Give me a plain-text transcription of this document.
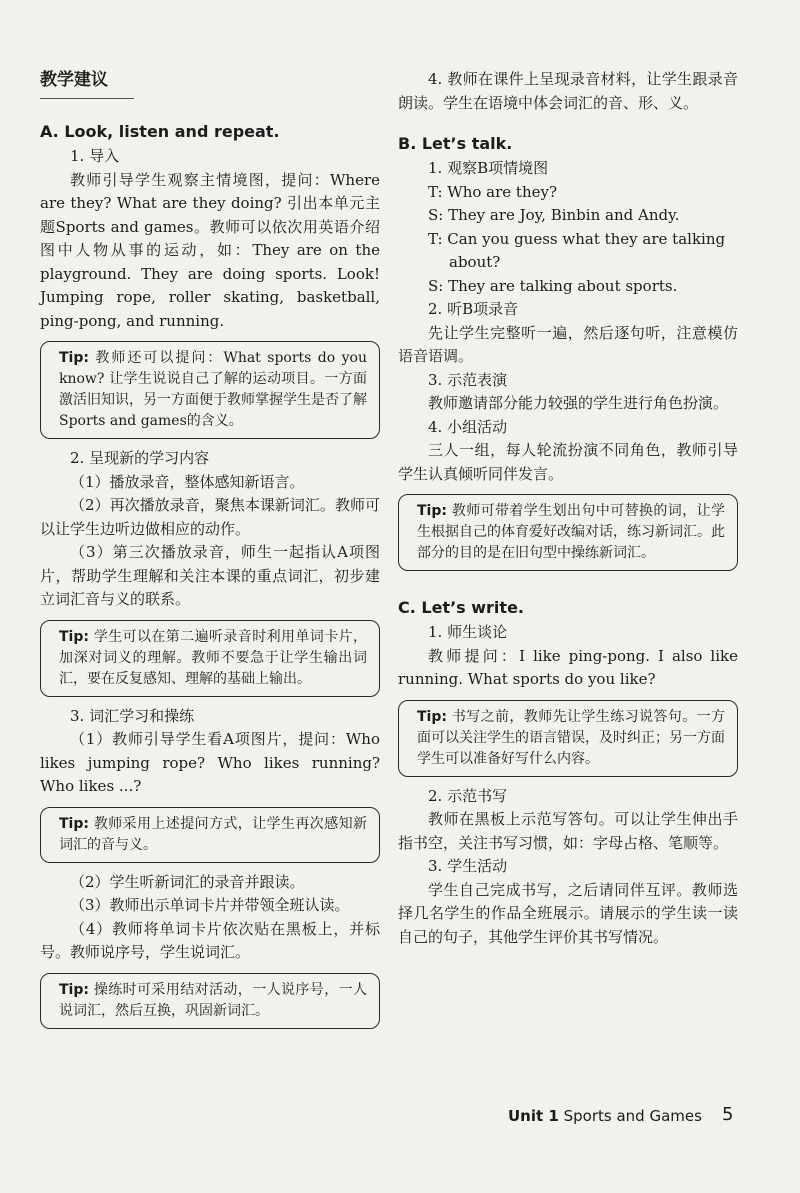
教学建议

A. Look, listen and repeat.

1. 导入

教师引导学生观察主情境图，提问：Where are they? What are they doing? 引出本单元主题Sports and games。教师可以依次用英语介绍图中人物从事的运动，如：They are on the playground. They are doing sports. Look! Jumping rope, roller skating, basketball, ping-pong, and running.

Tip: 教师还可以提问：What sports do you know? 让学生说说自己了解的运动项目。一方面激活旧知识，另一方面便于教师掌握学生是否了解Sports and games的含义。

2. 呈现新的学习内容

（1）播放录音，整体感知新语言。

（2）再次播放录音，聚焦本课新词汇。教师可以让学生边听边做相应的动作。

（3）第三次播放录音，师生一起指认A项图片，帮助学生理解和关注本课的重点词汇，初步建立词汇音与义的联系。

Tip: 学生可以在第二遍听录音时利用单词卡片，加深对词义的理解。教师不要急于让学生输出词汇，要在反复感知、理解的基础上输出。

3. 词汇学习和操练

（1）教师引导学生看A项图片，提问：Who likes jumping rope? Who likes running? Who likes ...?

Tip: 教师采用上述提问方式，让学生再次感知新词汇的音与义。

（2）学生听新词汇的录音并跟读。

（3）教师出示单词卡片并带领全班认读。

（4）教师将单词卡片依次贴在黑板上，并标号。教师说序号，学生说词汇。

Tip: 操练时可采用结对活动，一人说序号，一人说词汇，然后互换，巩固新词汇。

4. 教师在课件上呈现录音材料，让学生跟录音朗读。学生在语境中体会词汇的音、形、义。

B. Let’s talk.

1. 观察B项情境图

T: Who are they?

S: They are Joy, Binbin and Andy.

T: Can you guess what they are talking

about?

S: They are talking about sports.

2. 听B项录音

先让学生完整听一遍，然后逐句听，注意模仿语音语调。

3. 示范表演

教师邀请部分能力较强的学生进行角色扮演。

4. 小组活动

三人一组，每人轮流扮演不同角色，教师引导学生认真倾听同伴发言。

Tip: 教师可带着学生划出句中可替换的词，让学生根据自己的体育爱好改编对话，练习新词汇。此部分的目的是在旧句型中操练新词汇。

C. Let’s write.

1. 师生谈论

教师提问：I like ping-pong. I also like running. What sports do you like?

Tip: 书写之前，教师先让学生练习说答句。一方面可以关注学生的语言错误，及时纠正；另一方面学生可以准备好写什么内容。

2. 示范书写

教师在黑板上示范写答句。可以让学生伸出手指书空，关注书写习惯，如：字母占格、笔顺等。

3. 学生活动

学生自己完成书写，之后请同伴互评。教师选择几名学生的作品全班展示。请展示的学生读一读自己的句子，其他学生评价其书写情况。

Unit 1 Sports and Games 5
